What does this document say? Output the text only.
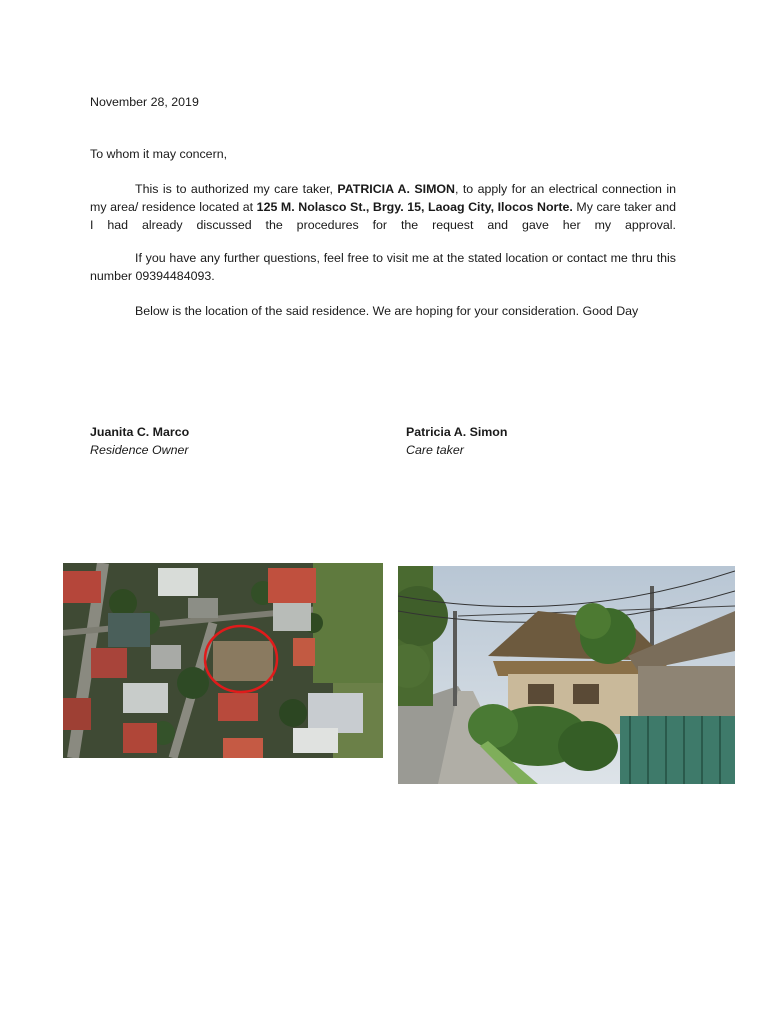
November 28, 2019
To whom it may concern,
This is to authorized my care taker, PATRICIA A. SIMON, to apply for an electrical connection in my area/ residence located at 125 M. Nolasco St., Brgy. 15, Laoag City, Ilocos Norte. My care taker and I had already discussed the procedures for the request and gave her my approval.
If you have any further questions, feel free to visit me at the stated location or contact me thru this number 09394484093.
Below is the location of the said residence. We are hoping for your consideration. Good Day
Juanita C. Marco
Residence Owner
Patricia A. Simon
Care taker
